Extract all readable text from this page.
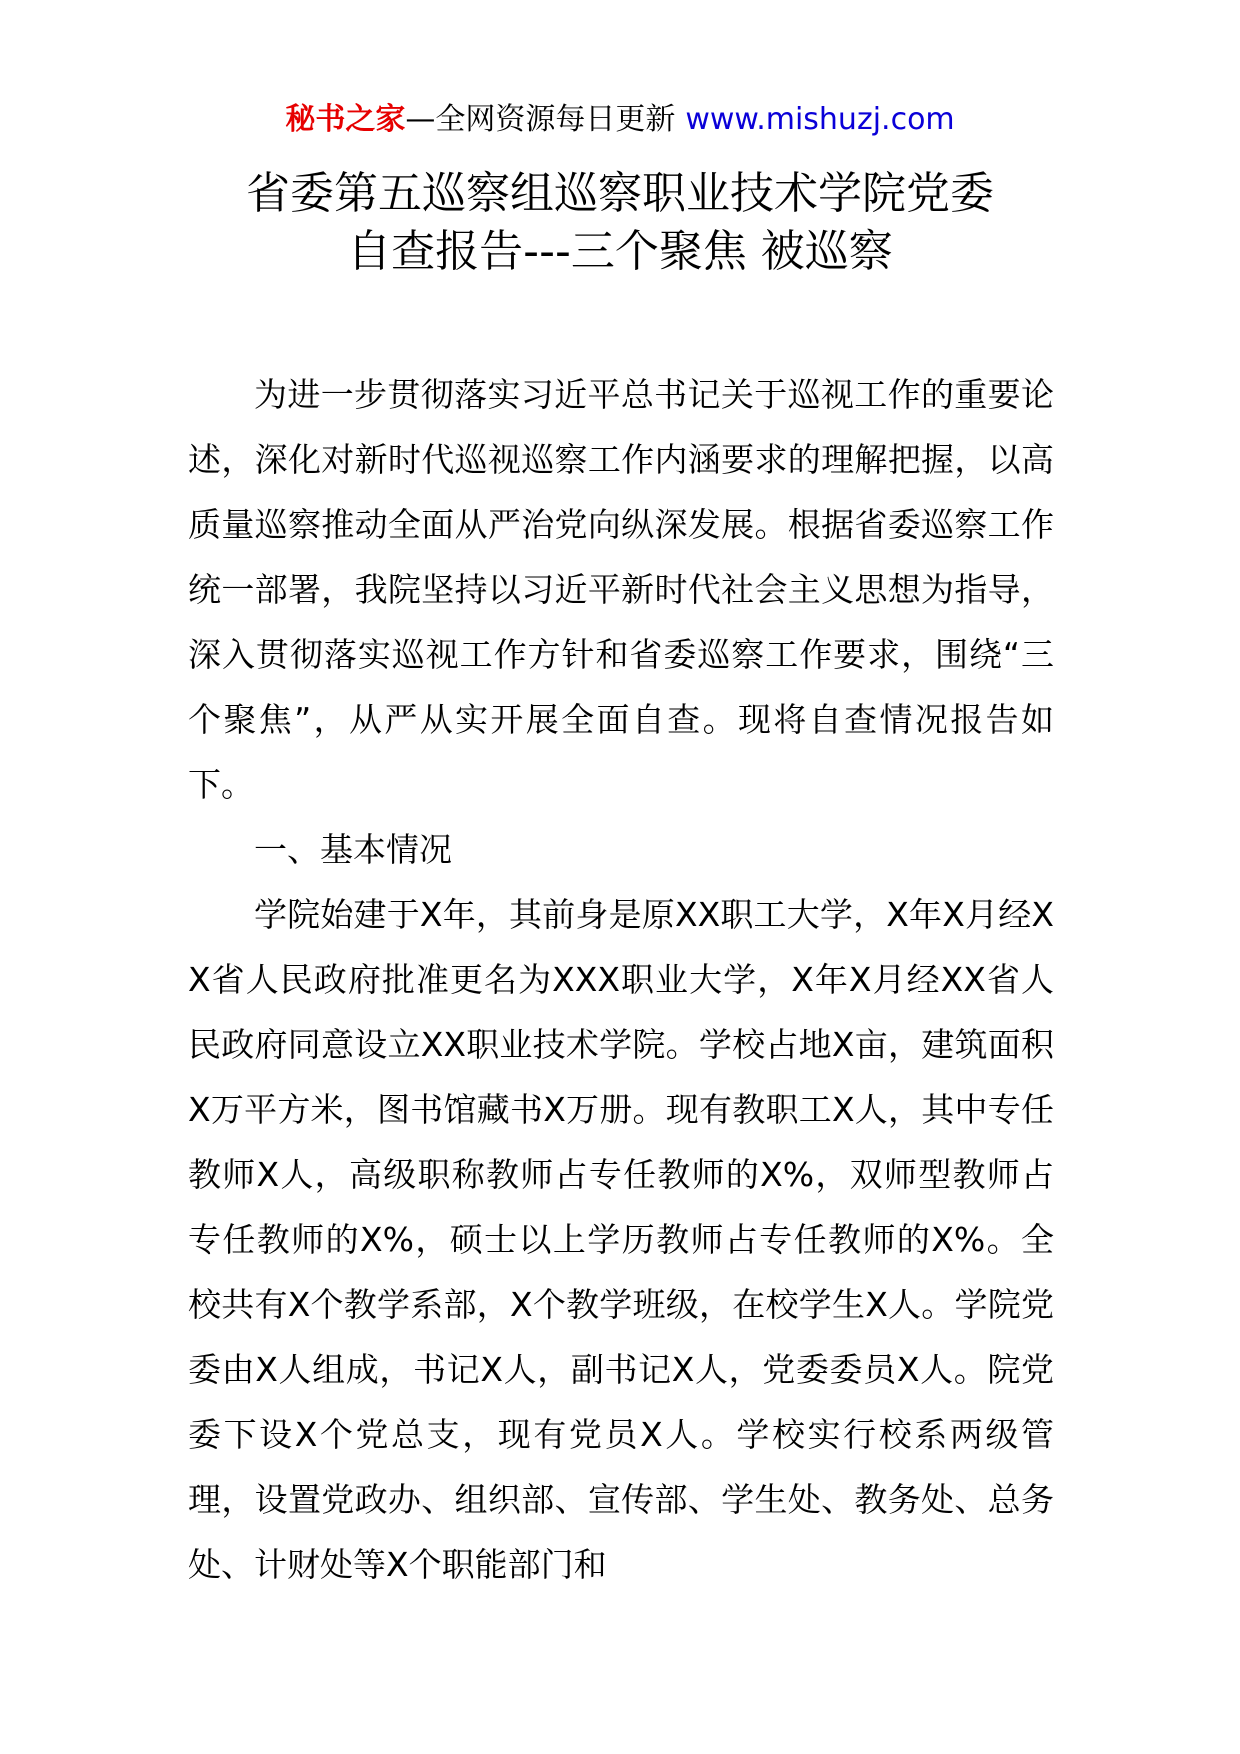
秘书之家—全网资源每日更新 www.mishuzj.com
省委第五巡察组巡察职业技术学院党委
自查报告---三个聚焦 被巡察

为进一步贯彻落实习近平总书记关于巡视工作的重要论述，深化对新时代巡视巡察工作内涵要求的理解把握，以高质量巡察推动全面从严治党向纵深发展。根据省委巡察工作统一部署，我院坚持以习近平新时代社会主义思想为指导，深入贯彻落实巡视工作方针和省委巡察工作要求，围绕“三个聚焦”，从严从实开展全面自查。现将自查情况报告如下。

一、基本情况

学院始建于X年，其前身是原XX职工大学，X年X月经XX省人民政府批准更名为XXX职业大学，X年X月经XX省人民政府同意设立XX职业技术学院。学校占地X亩，建筑面积X万平方米，图书馆藏书X万册。现有教职工X人，其中专任教师X人，高级职称教师占专任教师的X%，双师型教师占专任教师的X%，硕士以上学历教师占专任教师的X%。全校共有X个教学系部，X个教学班级，在校学生X人。学院党委由X人组成，书记X人，副书记X人，党委委员X人。院党委下设X个党总支，现有党员X人。学校实行校系两级管理，设置党政办、组织部、宣传部、学生处、教务处、总务处、计财处等X个职能部门和
